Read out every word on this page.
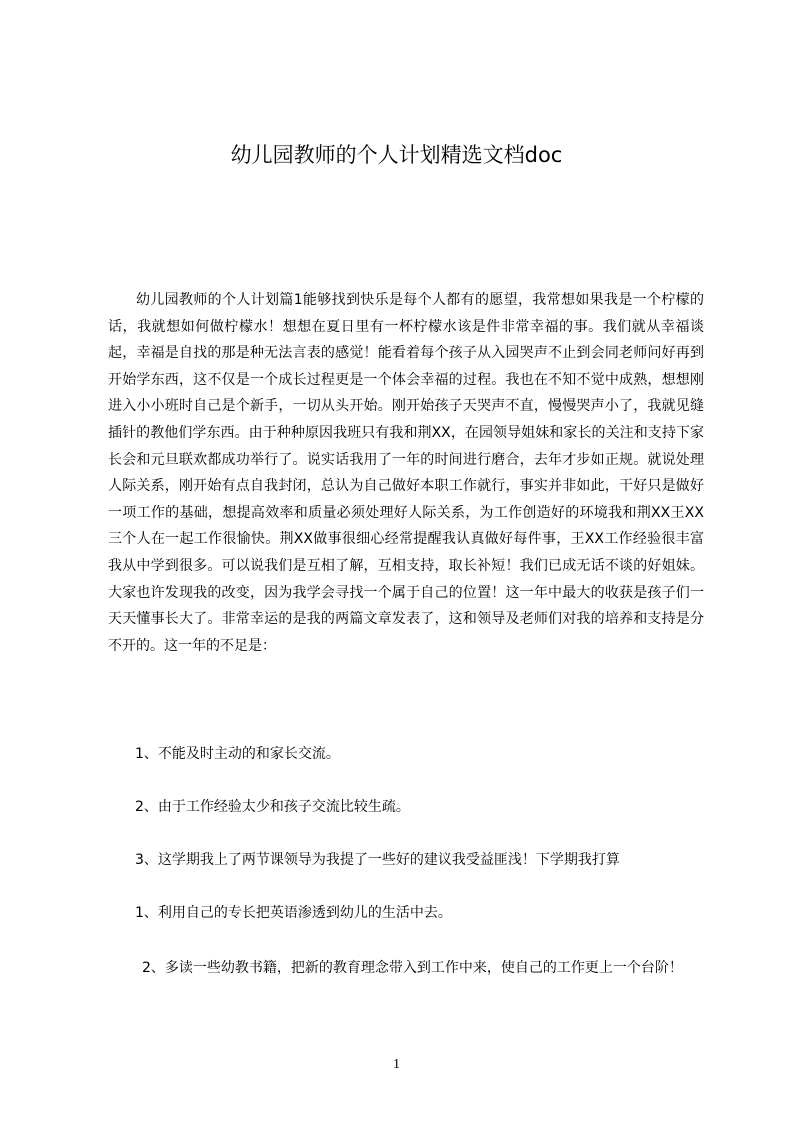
幼儿园教师的个人计划精选文档doc
幼儿园教师的个人计划篇1能够找到快乐是每个人都有的愿望，我常想如果我是一个柠檬的话，我就想如何做柠檬水！想想在夏日里有一杯柠檬水该是件非常幸福的事。我们就从幸福谈起，幸福是自找的那是种无法言表的感觉！能看着每个孩子从入园哭声不止到会同老师问好再到开始学东西，这不仅是一个成长过程更是一个体会幸福的过程。我也在不知不觉中成熟，想想刚进入小小班时自己是个新手，一切从头开始。刚开始孩子天哭声不直，慢慢哭声小了，我就见缝插针的教他们学东西。由于种种原因我班只有我和荆XX，在园领导姐妹和家长的关注和支持下家长会和元旦联欢都成功举行了。说实话我用了一年的时间进行磨合，去年才步如正规。就说处理人际关系，刚开始有点自我封闭，总认为自己做好本职工作就行，事实并非如此，干好只是做好一项工作的基础，想提高效率和质量必须处理好人际关系，为工作创造好的环境我和荆XX王XX三个人在一起工作很愉快。荆XX做事很细心经常提醒我认真做好每件事，王XX工作经验很丰富我从中学到很多。可以说我们是互相了解，互相支持，取长补短！我们已成无话不谈的好姐妹。大家也许发现我的改变，因为我学会寻找一个属于自己的位置！这一年中最大的收获是孩子们一天天懂事长大了。非常幸运的是我的两篇文章发表了，这和领导及老师们对我的培养和支持是分不开的。这一年的不足是：
1、不能及时主动的和家长交流。
2、由于工作经验太少和孩子交流比较生疏。
3、这学期我上了两节课领导为我提了一些好的建议我受益匪浅！下学期我打算
1、利用自己的专长把英语渗透到幼儿的生活中去。
2、多读一些幼教书籍，把新的教育理念带入到工作中来，使自己的工作更上一个台阶！
1
